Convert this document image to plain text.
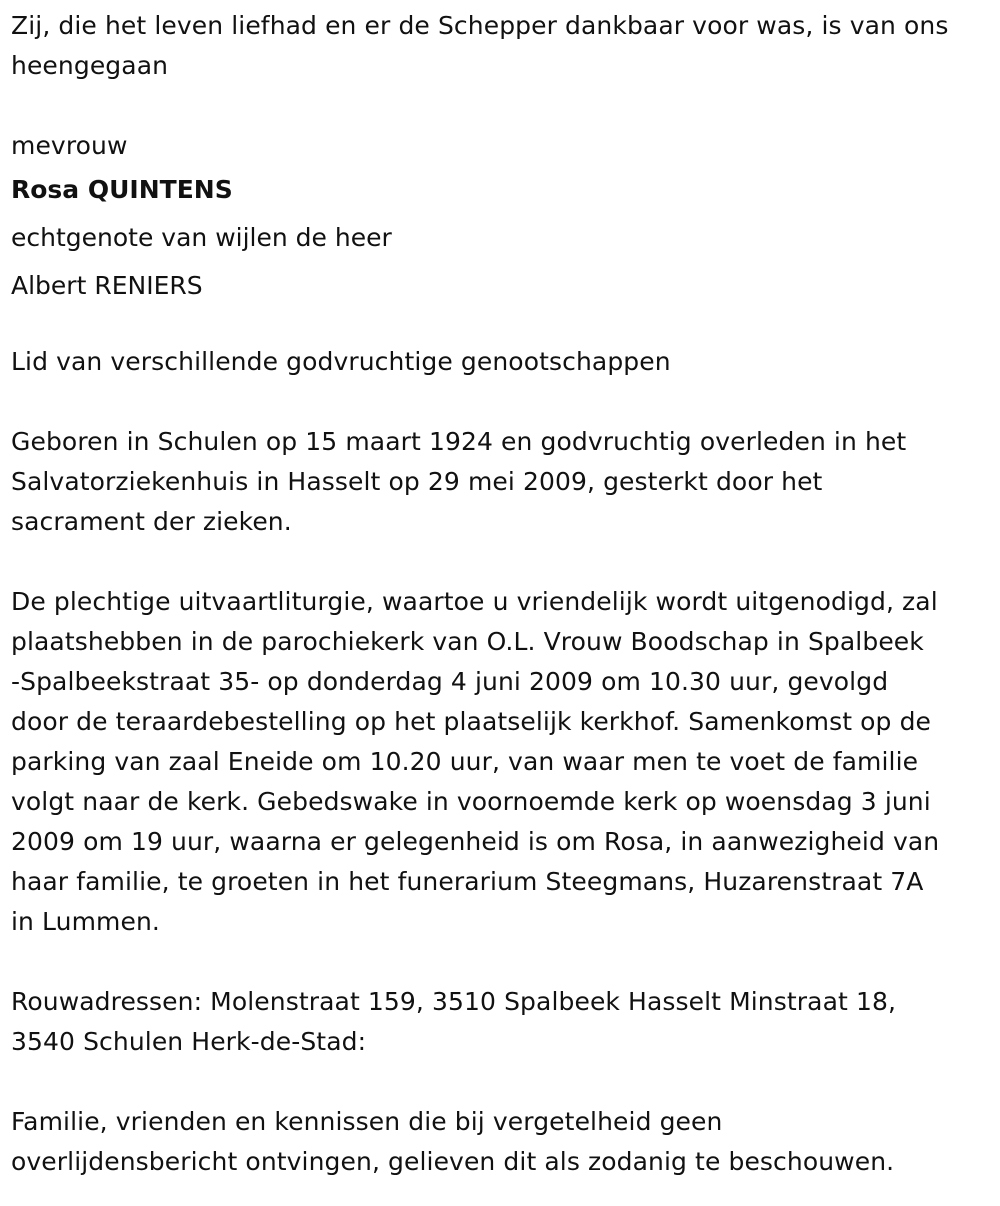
Zij, die het leven liefhad en er de Schepper dankbaar voor was, is van ons
heengegaan

mevrouw

Rosa QUINTENS

echtgenote van wijlen de heer

Albert RENIERS

Lid van verschillende godvruchtige genootschappen

Geboren in Schulen op 15 maart 1924 en godvruchtig overleden in het
Salvatorziekenhuis in Hasselt op 29 mei 2009, gesterkt door het
sacrament der zieken.
De plechtige uitvaartliturgie, waartoe u vriendelijk wordt uitgenodigd, zal
plaatshebben in de parochiekerk van O.L. Vrouw Boodschap in Spalbeek
-Spalbeekstraat 35- op donderdag 4 juni 2009 om 10.30 uur, gevolgd
door de teraardebestelling op het plaatselijk kerkhof. Samenkomst op de
parking van zaal Eneide om 10.20 uur, van waar men te voet de familie
volgt naar de kerk. Gebedswake in voornoemde kerk op woensdag 3 juni
2009 om 19 uur, waarna er gelegenheid is om Rosa, in aanwezigheid van
haar familie, te groeten in het funerarium Steegmans, Huzarenstraat 7A
in Lummen.
Rouwadressen: Molenstraat 159, 3510 Spalbeek Hasselt Minstraat 18,
3540 Schulen Herk-de-Stad:
Familie, vrienden en kennissen die bij vergetelheid geen
overlijdensbericht ontvingen, gelieven dit als zodanig te beschouwen.
